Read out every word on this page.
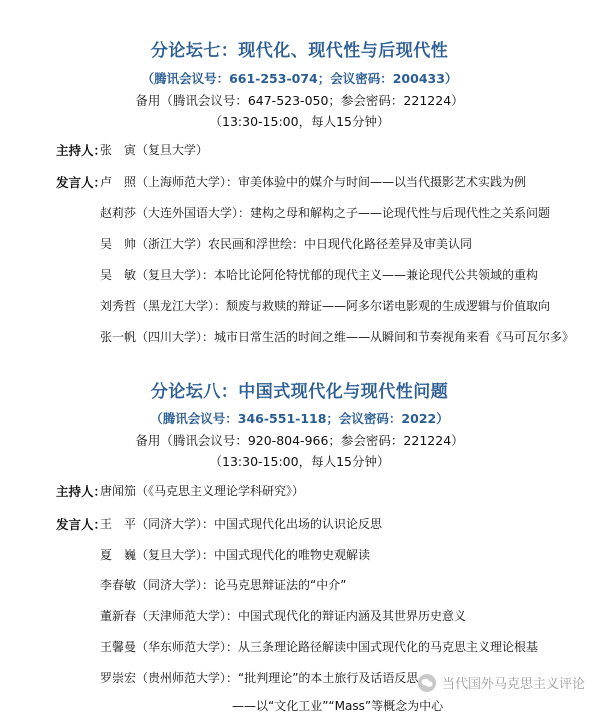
分论坛七：现代化、现代性与后现代性
（腾讯会议号：661-253-074；会议密码：200433）
备用（腾讯会议号：647-523-050；参会密码：221224）
（13:30-15:00，每人15分钟）
主持人：
张　寅（复旦大学）
发言人：
卢　照（上海师范大学）：审美体验中的媒介与时间——以当代摄影艺术实践为例
赵莉莎（大连外国语大学）：建构之母和解构之子——论现代性与后现代性之关系问题
吴　帅（浙江大学）农民画和浮世绘：中日现代化路径差异及审美认同
吴　敏（复旦大学）：本哈比论阿伦特忧郁的现代主义——兼论现代公共领域的重构
刘秀哲（黑龙江大学）：颓废与救赎的辩证——阿多尔诺电影观的生成逻辑与价值取向
张一帆（四川大学）：城市日常生活的时间之维——从瞬间和节奏视角来看《马可瓦尔多》
分论坛八：中国式现代化与现代性问题
（腾讯会议号：346-551-118；会议密码：2022）
备用（腾讯会议号：920-804-966；参会密码：221224）
（13:30-15:00，每人15分钟）
主持人：
唐闻笳（《马克思主义理论学科研究》）
发言人：
王　平（同济大学）：中国式现代化出场的认识论反思
夏　巍（复旦大学）：中国式现代化的唯物史观解读
李春敏（同济大学）：论马克思辩证法的“中介”
董新春（天津师范大学）：中国式现代化的辩证内涵及其世界历史意义
王馨曼（华东师范大学）：从三条理论路径解读中国式现代化的马克思主义理论根基
罗崇宏（贵州师范大学）：“批判理论”的本土旅行及话语反思
——以“文化工业”“Mass”等概念为中心
当代国外马克思主义评论
